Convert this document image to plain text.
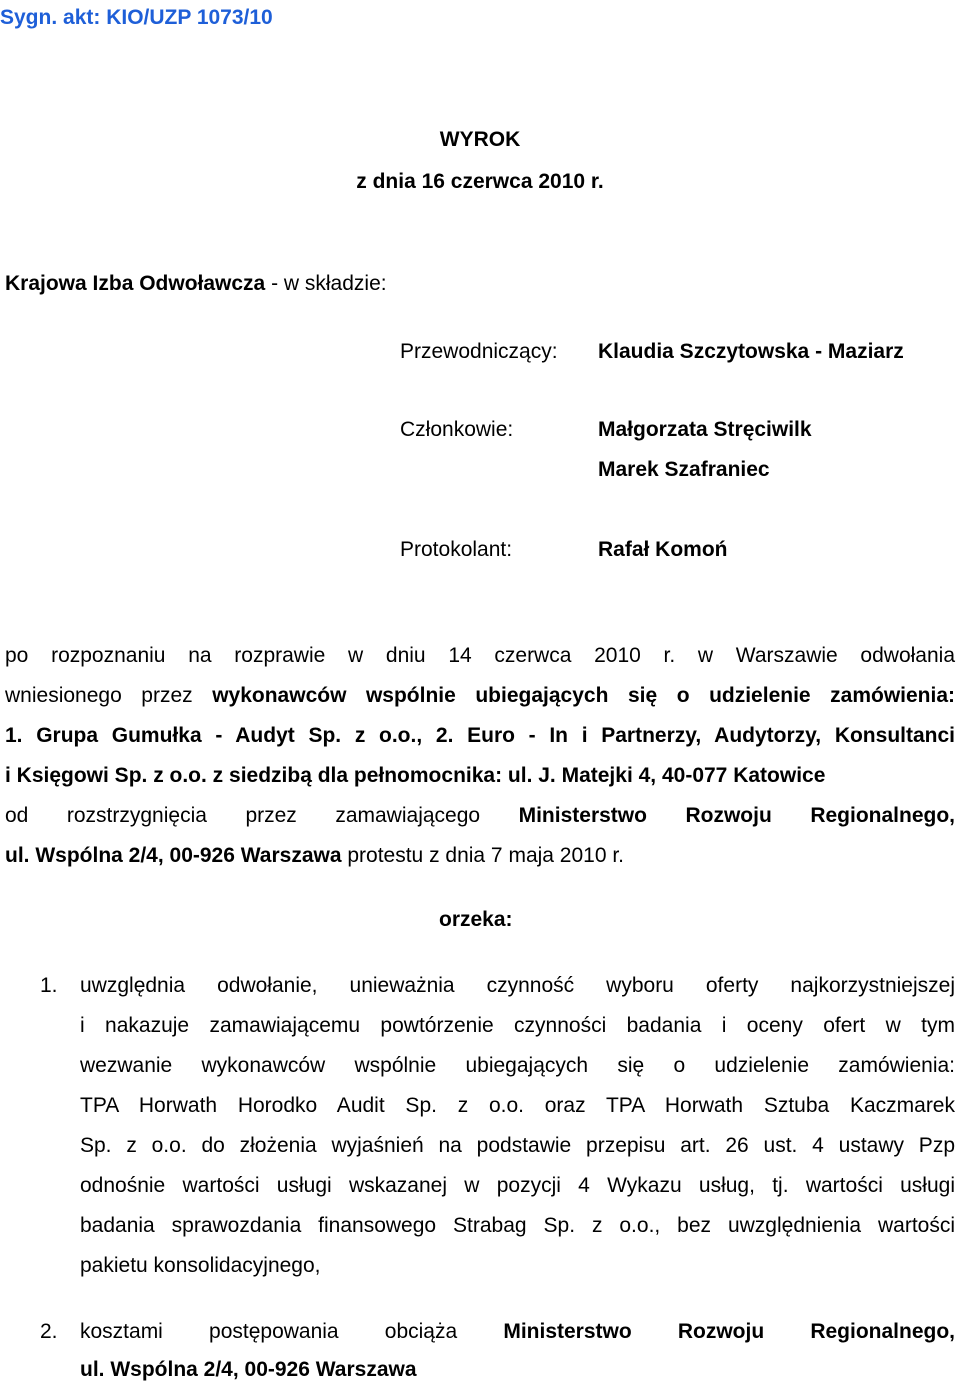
Sygn. akt: KIO/UZP 1073/10
WYROK
z dnia 16 czerwca 2010 r.
Krajowa Izba Odwoławcza - w składzie:
Przewodniczący: Klaudia Szczytowska - Maziarz
Członkowie:	Małgorzata Stręciwilk
Marek Szafraniec
Protokolant:	Rafał Komoń
po rozpoznaniu na rozprawie w dniu 14 czerwca 2010 r. w Warszawie odwołania
wniesionego przez wykonawców wspólnie ubiegających się o udzielenie zamówienia:
1. Grupa Gumułka - Audyt Sp. z o.o., 2. Euro - In i Partnerzy, Audytorzy, Konsultanci
i Księgowi Sp. z o.o. z siedzibą dla pełnomocnika: ul. J. Matejki 4, 40-077 Katowice
od rozstrzygnięcia przez zamawiającego Ministerstwo Rozwoju Regionalnego,
ul. Wspólna 2/4, 00-926 Warszawa protestu z dnia 7 maja 2010 r.
orzeka:
1. uwzględnia odwołanie, unieważnia czynność wyboru oferty najkorzystniejszej
i nakazuje zamawiającemu powtórzenie czynności badania i oceny ofert w tym
wezwanie wykonawców wspólnie ubiegających się o udzielenie zamówienia:
TPA Horwath Horodko Audit Sp. z o.o. oraz TPA Horwath Sztuba Kaczmarek
Sp. z o.o. do złożenia wyjaśnień na podstawie przepisu art. 26 ust. 4 ustawy Pzp
odnośnie wartości usługi wskazanej w pozycji 4 Wykazu usług, tj. wartości usługi
badania sprawozdania finansowego Strabag Sp. z o.o., bez uwzględnienia wartości
pakietu konsolidacyjnego,
2. kosztami postępowania obciąża Ministerstwo Rozwoju Regionalnego,
ul. Wspólna 2/4, 00-926 Warszawa
